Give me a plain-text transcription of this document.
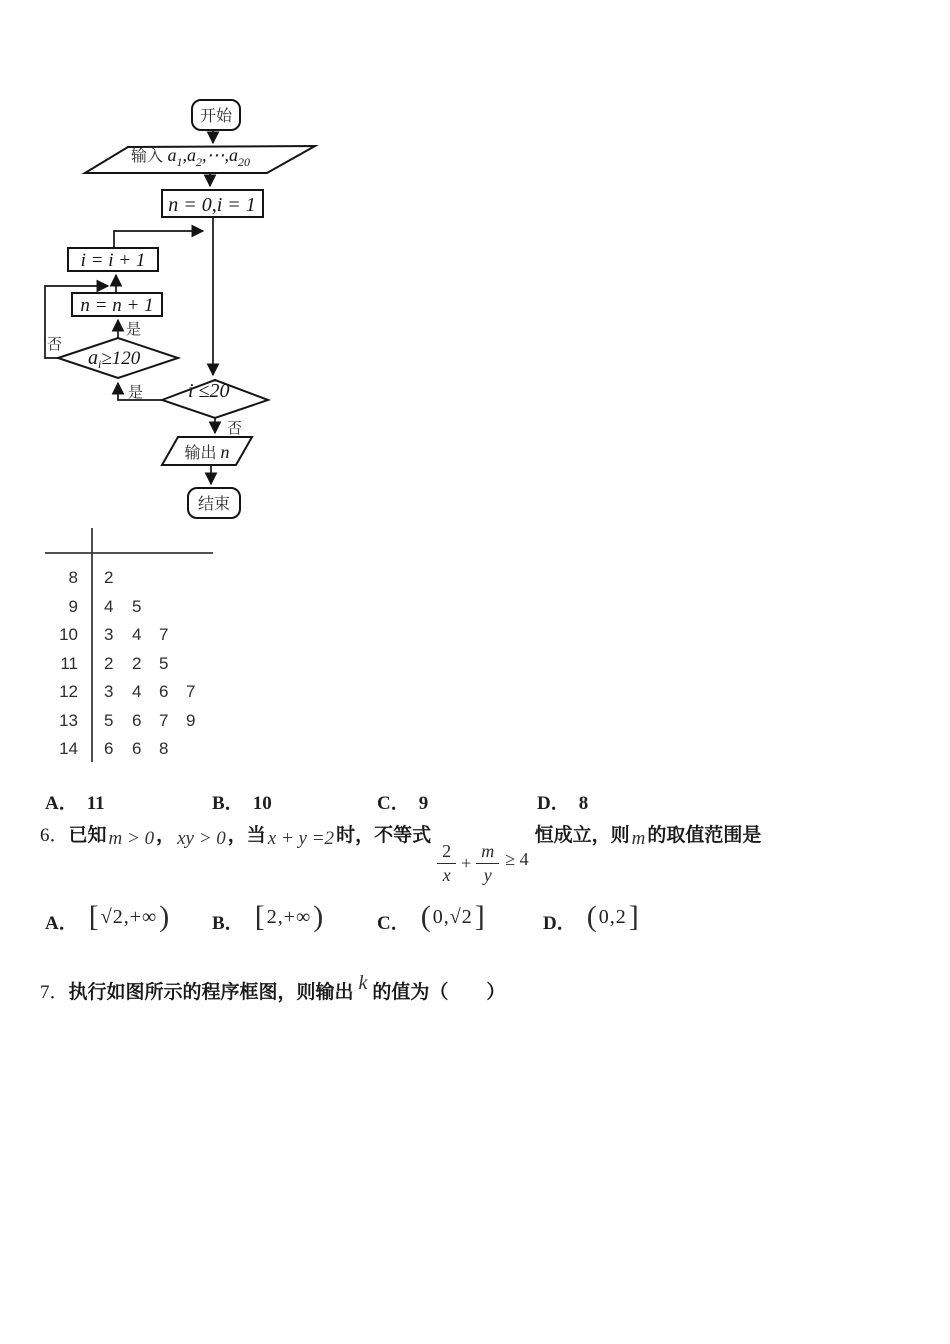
开始
输入 $a_1,a_2,\cdots,a_{20}$
n = 0,i = 1
i = i + 1
n = n + 1
$a_i\ge 120$
i ≤20
输出 n
结束
是
否
是
否
8 2
9 4 5
10 3 4 7
11 2 2 5
12 3 4 6 7
13 5 6 7 9
14 6 6 8
A． 11	B． 10	C． 9	D． 8
6．已知 m > 0 ， xy > 0 ，当 x + y =2 时，不等式
$\frac{2}{x} + \frac{m}{y} \ge 4$
恒成立，则 m 的取值范围是
A． [ √2,+∞ ) B． [ 2,+∞ )	C． ( 0,√2 ]	D． ( 0,2 ]
7．执行如图所示的程序框图，则输出 k 的值为（　　）
